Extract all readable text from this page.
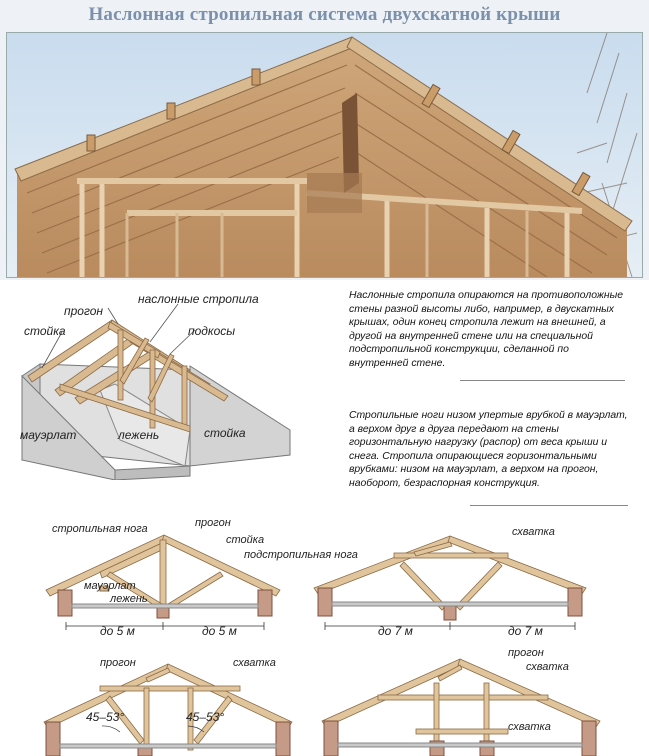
Наслонная стропильная система двухскатной крыши
прогон
наслонные стропила
стойка	подкосы
мауэрлат	лежень	стойка
Наслонные стропила опираются на противоположные стены разной высоты либо, например, в двускатных крышах, один конец стропила лежит на внешней, а другой на внутренней стене или на специальной подстропильной конструкции, сделанной по внутренней стене.
Стропильные ноги низом упертые врубкой в мауэрлат, а верхом друг в друга передают на стены горизонтальную нагрузку (распор) от веса крыши и снега. Стропила опирающиеся горизонтальными врубками: низом на мауэрлат, а верхом на прогон, наоборот, безраспорная конструкция.
стропильная нога	прогон
стойка
подстропильная нога
мауэрлат
лежень
до 5 м	до 5 м
схватка
до 7 м	до 7 м
прогон	схватка
45–53°	45–53°
прогон
схватка
схватка
